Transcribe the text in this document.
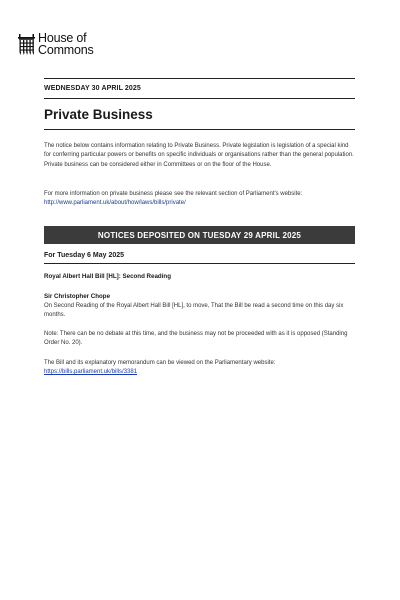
House of
Commons
WEDNESDAY 30 APRIL 2025
Private Business
The notice below contains information relating to Private Business. Private legislation is legislation of a special kind for conferring particular powers or benefits on specific individuals or organisations rather than the general population. Private business can be considered either in Committees or on the floor of the House.
For more information on private business please see the relevant section of Parliament's website: http://www.parliament.uk/about/how/laws/bills/private/
NOTICES DEPOSITED ON TUESDAY 29 APRIL 2025
For Tuesday 6 May 2025
Royal Albert Hall Bill [HL]: Second Reading
Sir Christopher Chope
On Second Reading of the Royal Albert Hall Bill [HL], to move, That the Bill be read a second time on this day six months.
Note: There can be no debate at this time, and the business may not be proceeded with as it is opposed (Standing Order No. 20).
The Bill and its explanatory memorandum can be viewed on the Parliamentary website:
https://bills.parliament.uk/bills/3381
